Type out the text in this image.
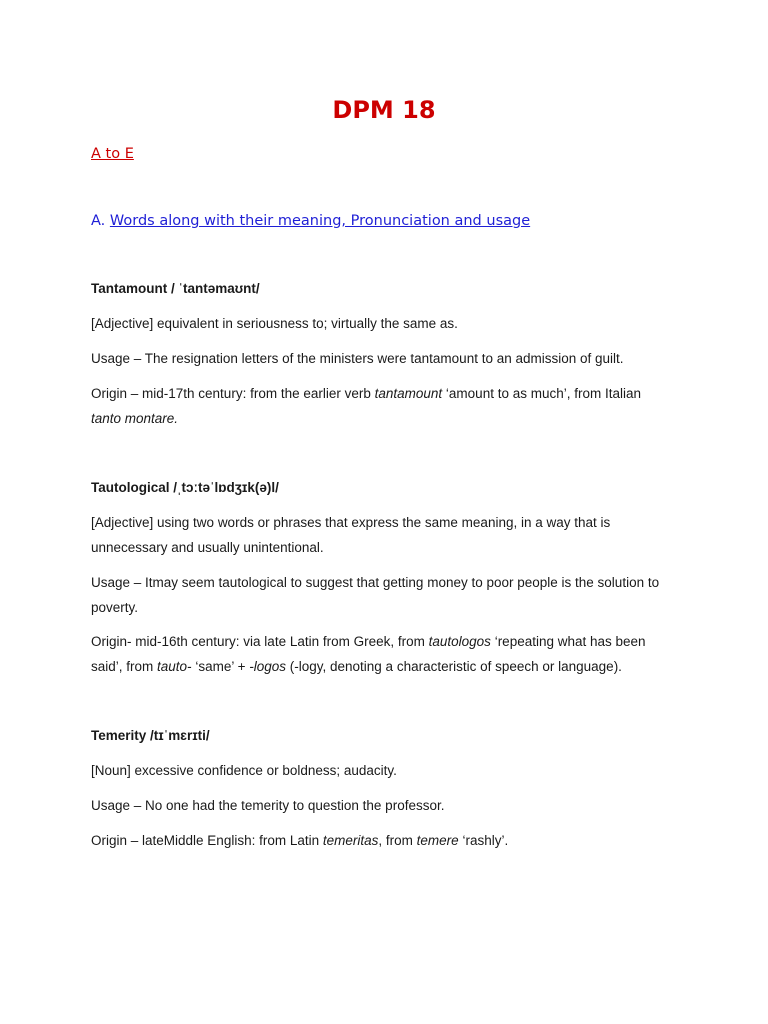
DPM 18
A to E
A. Words along with their meaning, Pronunciation and usage
Tantamount / ˈtantəmaʊnt/
[Adjective] equivalent in seriousness to; virtually the same as.
Usage – The resignation letters of the ministers were tantamount to an admission of guilt.
Origin – mid-17th century: from the earlier verb tantamount ‘amount to as much’, from Italian
tanto montare.
Tautological /ˌtɔːtəˈlɒdʒɪk(ə)l/
[Adjective] using two words or phrases that express the same meaning, in a way that is
unnecessary and usually unintentional.
Usage – Itmay seem tautological to suggest that getting money to poor people is the solution to
poverty.
Origin- mid-16th century: via late Latin from Greek, from tautologos ‘repeating what has been
said’, from tauto- ‘same’ + -logos (-logy, denoting a characteristic of speech or language).
Temerity /tɪˈmɛrɪti/
[Noun] excessive confidence or boldness; audacity.
Usage – No one had the temerity to question the professor.
Origin – lateMiddle English: from Latin temeritas, from temere ‘rashly’.
